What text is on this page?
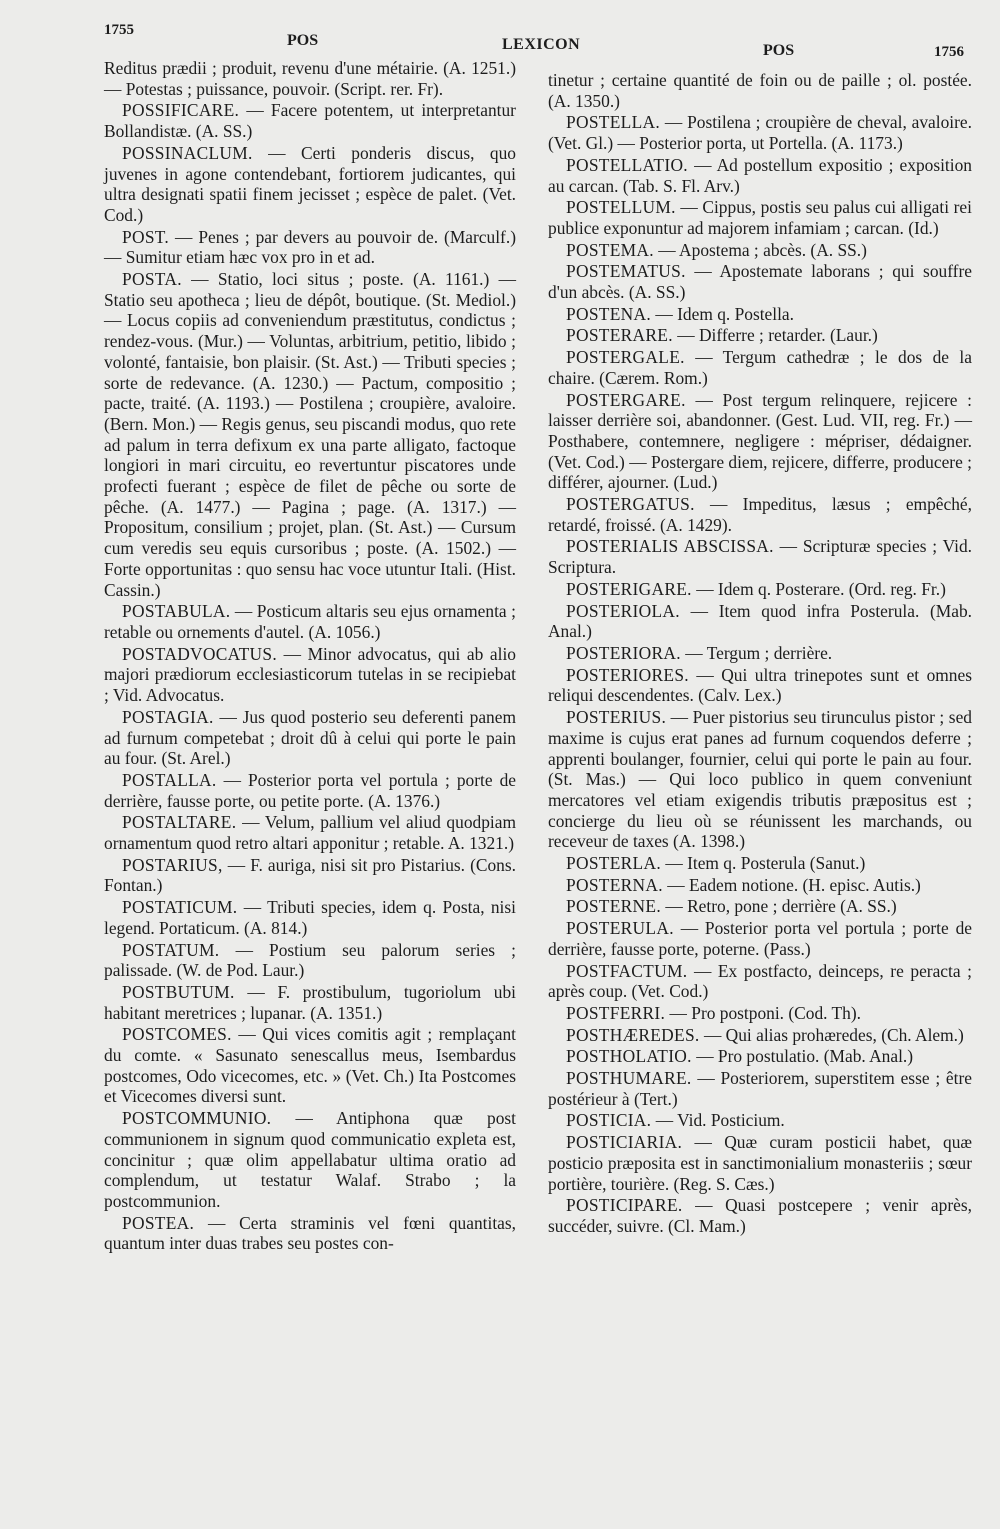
1755
POS	LEXICON	POS	1756

Reditus prædii ; produit, revenu d'une métairie. (A. 1251.) — Potestas ; puissance, pouvoir. (Script. rer. Fr).

POSSIFICARE. — Facere potentem, ut interpretantur Bollandistæ. (A. SS.)

POSSINACLUM. — Certi ponderis discus, quo juvenes in agone contendebant, fortiorem judicantes, qui ultra designati spatii finem jecisset ; espèce de palet. (Vet. Cod.)

POST. — Penes ; par devers au pouvoir de. (Marculf.) — Sumitur etiam hæc vox pro in et ad.

POSTA. — Statio, loci situs ; poste. (A. 1161.) — Statio seu apotheca ; lieu de dépôt, boutique. (St. Mediol.) — Locus copiis ad conveniendum præstitutus, condictus ; rendez-vous. (Mur.) — Voluntas, arbitrium, petitio, libido ; volonté, fantaisie, bon plaisir. (St. Ast.) — Tributi species ; sorte de redevance. (A. 1230.) — Pactum, compositio ; pacte, traité. (A. 1193.) — Postilena ; croupière, avaloire. (Bern. Mon.) — Regis genus, seu piscandi modus, quo rete ad palum in terra defixum ex una parte alligato, factoque longiori in mari circuitu, eo revertuntur piscatores unde profecti fuerant ; espèce de filet de pêche ou sorte de pêche. (A. 1477.) — Pagina ; page. (A. 1317.) — Propositum, consilium ; projet, plan. (St. Ast.) — Cursum cum veredis seu equis cursoribus ; poste. (A. 1502.) — Forte opportunitas : quo sensu hac voce utuntur Itali. (Hist. Cassin.)

POSTABULA. — Posticum altaris seu ejus ornamenta ; retable ou ornements d'autel. (A. 1056.)

POSTADVOCATUS. — Minor advocatus, qui ab alio majori prædiorum ecclesiasticorum tutelas in se recipiebat ; Vid. Advocatus.

POSTAGIA. — Jus quod posterio seu deferenti panem ad furnum competebat ; droit dû à celui qui porte le pain au four. (St. Arel.)

POSTALLA. — Posterior porta vel portula ; porte de derrière, fausse porte, ou petite porte. (A. 1376.)

POSTALTARE. — Velum, pallium vel aliud quodpiam ornamentum quod retro altari apponitur ; retable. A. 1321.)

POSTARIUS, — F. auriga, nisi sit pro Pistarius. (Cons. Fontan.)

POSTATICUM. — Tributi species, idem q. Posta, nisi legend. Portaticum. (A. 814.)

POSTATUM. — Postium seu palorum series ; palissade. (W. de Pod. Laur.)

POSTBUTUM. — F. prostibulum, tugoriolum ubi habitant meretrices ; lupanar. (A. 1351.)

POSTCOMES. — Qui vices comitis agit ; remplaçant du comte. « Sasunato senescallus meus, Isembardus postcomes, Odo vicecomes, etc. » (Vet. Ch.) Ita Postcomes et Vicecomes diversi sunt.

POSTCOMMUNIO. — Antiphona quæ post communionem in signum quod communicatio expleta est, concinitur ; quæ olim appellabatur ultima oratio ad complendum, ut testatur Walaf. Strabo ; la postcommunion.

POSTEA. — Certa straminis vel fœni quantitas, quantum inter duas trabes seu postes con-

tinetur ; certaine quantité de foin ou de paille ; ol. postée. (A. 1350.)

POSTELLA. — Postilena ; croupière de cheval, avaloire. (Vet. Gl.) — Posterior porta, ut Portella. (A. 1173.)

POSTELLATIO. — Ad postellum expositio ; exposition au carcan. (Tab. S. Fl. Arv.)

POSTELLUM. — Cippus, postis seu palus cui alligati rei publice exponuntur ad majorem infamiam ; carcan. (Id.)

POSTEMA. — Apostema ; abcès. (A. SS.)

POSTEMATUS. — Apostemate laborans ; qui souffre d'un abcès. (A. SS.)

POSTENA. — Idem q. Postella.

POSTERARE. — Differre ; retarder. (Laur.)

POSTERGALE. — Tergum cathedræ ; le dos de la chaire. (Cærem. Rom.)

POSTERGARE. — Post tergum relinquere, rejicere : laisser derrière soi, abandonner. (Gest. Lud. VII, reg. Fr.) — Posthabere, contemnere, negligere : mépriser, dédaigner. (Vet. Cod.) — Postergare diem, rejicere, differre, producere ; différer, ajourner. (Lud.)

POSTERGATUS. — Impeditus, læsus ; empêché, retardé, froissé. (A. 1429).

POSTERIALIS ABSCISSA. — Scripturæ species ; Vid. Scriptura.

POSTERIGARE. — Idem q. Posterare. (Ord. reg. Fr.)

POSTERIOLA. — Item quod infra Posterula. (Mab. Anal.)

POSTERIORA. — Tergum ; derrière.

POSTERIORES. — Qui ultra trinepotes sunt et omnes reliqui descendentes. (Calv. Lex.)

POSTERIUS. — Puer pistorius seu tirunculus pistor ; sed maxime is cujus erat panes ad furnum coquendos deferre ; apprenti boulanger, fournier, celui qui porte le pain au four. (St. Mas.) — Qui loco publico in quem conveniunt mercatores vel etiam exigendis tributis præpositus est ; concierge du lieu où se réunissent les marchands, ou receveur de taxes (A. 1398.)

POSTERLA. — Item q. Posterula (Sanut.)

POSTERNA. — Eadem notione. (H. episc. Autis.)

POSTERNE. — Retro, pone ; derrière (A. SS.)

POSTERULA. — Posterior porta vel portula ; porte de derrière, fausse porte, poterne. (Pass.)

POSTFACTUM. — Ex postfacto, deinceps, re peracta ; après coup. (Vet. Cod.)

POSTFERRI. — Pro postponi. (Cod. Th).

POSTHÆREDES. — Qui alias prohæredes, (Ch. Alem.)

POSTHOLATIO. — Pro postulatio. (Mab. Anal.)

POSTHUMARE. — Posteriorem, superstitem esse ; être postérieur à (Tert.)

POSTICIA. — Vid. Posticium.

POSTICIARIA. — Quæ curam posticii habet, quæ posticio præposita est in sanctimonialium monasteriis ; sœur portière, tourière. (Reg. S. Cæs.)

POSTICIPARE. — Quasi postcepere ; venir après, succéder, suivre. (Cl. Mam.)
